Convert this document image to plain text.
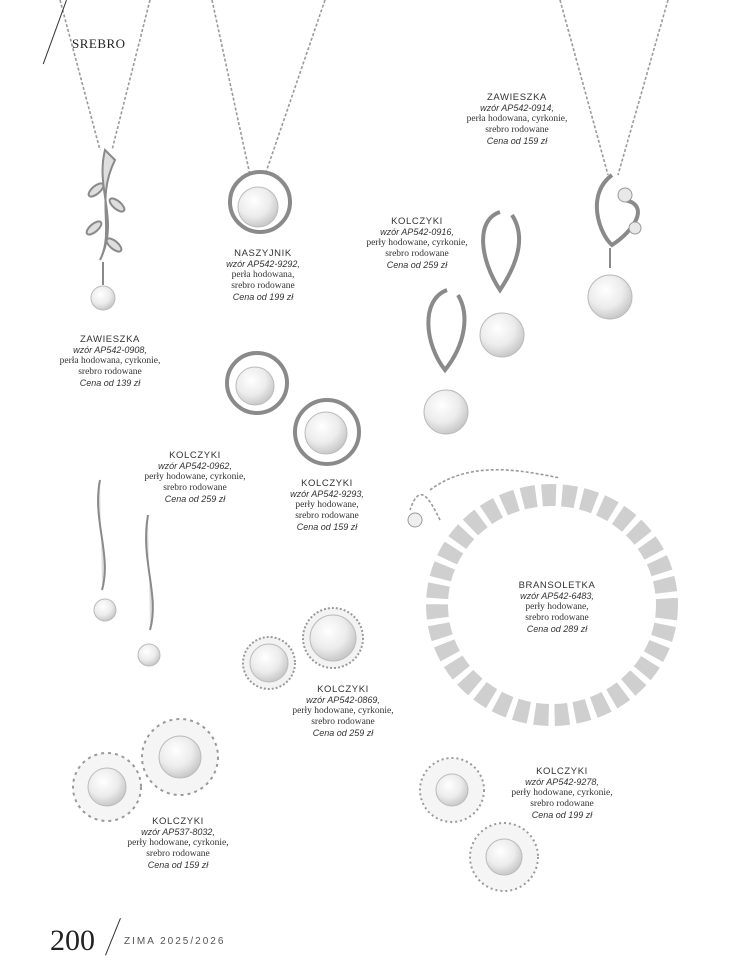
SREBRO
ZAWIESZKA
wzór AP542-0914,
perła hodowana, cyrkonie,
srebro rodowane
Cena od 159 zł
KOLCZYKI
wzór AP542-0916,
perły hodowane, cyrkonie,
srebro rodowane
Cena od 259 zł
NASZYJNIK
wzór AP542-9292,
perła hodowana,
srebro rodowane
Cena od 199 zł
ZAWIESZKA
wzór AP542-0908,
perła hodowana, cyrkonie,
srebro rodowane
Cena od 139 zł
KOLCZYKI
wzór AP542-0962,
perły hodowane, cyrkonie,
srebro rodowane
Cena od 259 zł
KOLCZYKI
wzór AP542-9293,
perły hodowane,
srebro rodowane
Cena od 159 zł
BRANSOLETKA
wzór AP542-6483,
perły hodowane,
srebro rodowane
Cena od 289 zł
KOLCZYKI
wzór AP542-0869,
perły hodowane, cyrkonie,
srebro rodowane
Cena od 259 zł
KOLCZYKI
wzór AP542-9278,
perły hodowane, cyrkonie,
srebro rodowane
Cena od 199 zł
KOLCZYKI
wzór AP537-8032,
perły hodowane, cyrkonie,
srebro rodowane
Cena od 159 zł
200	ZIMA 2025/2026
